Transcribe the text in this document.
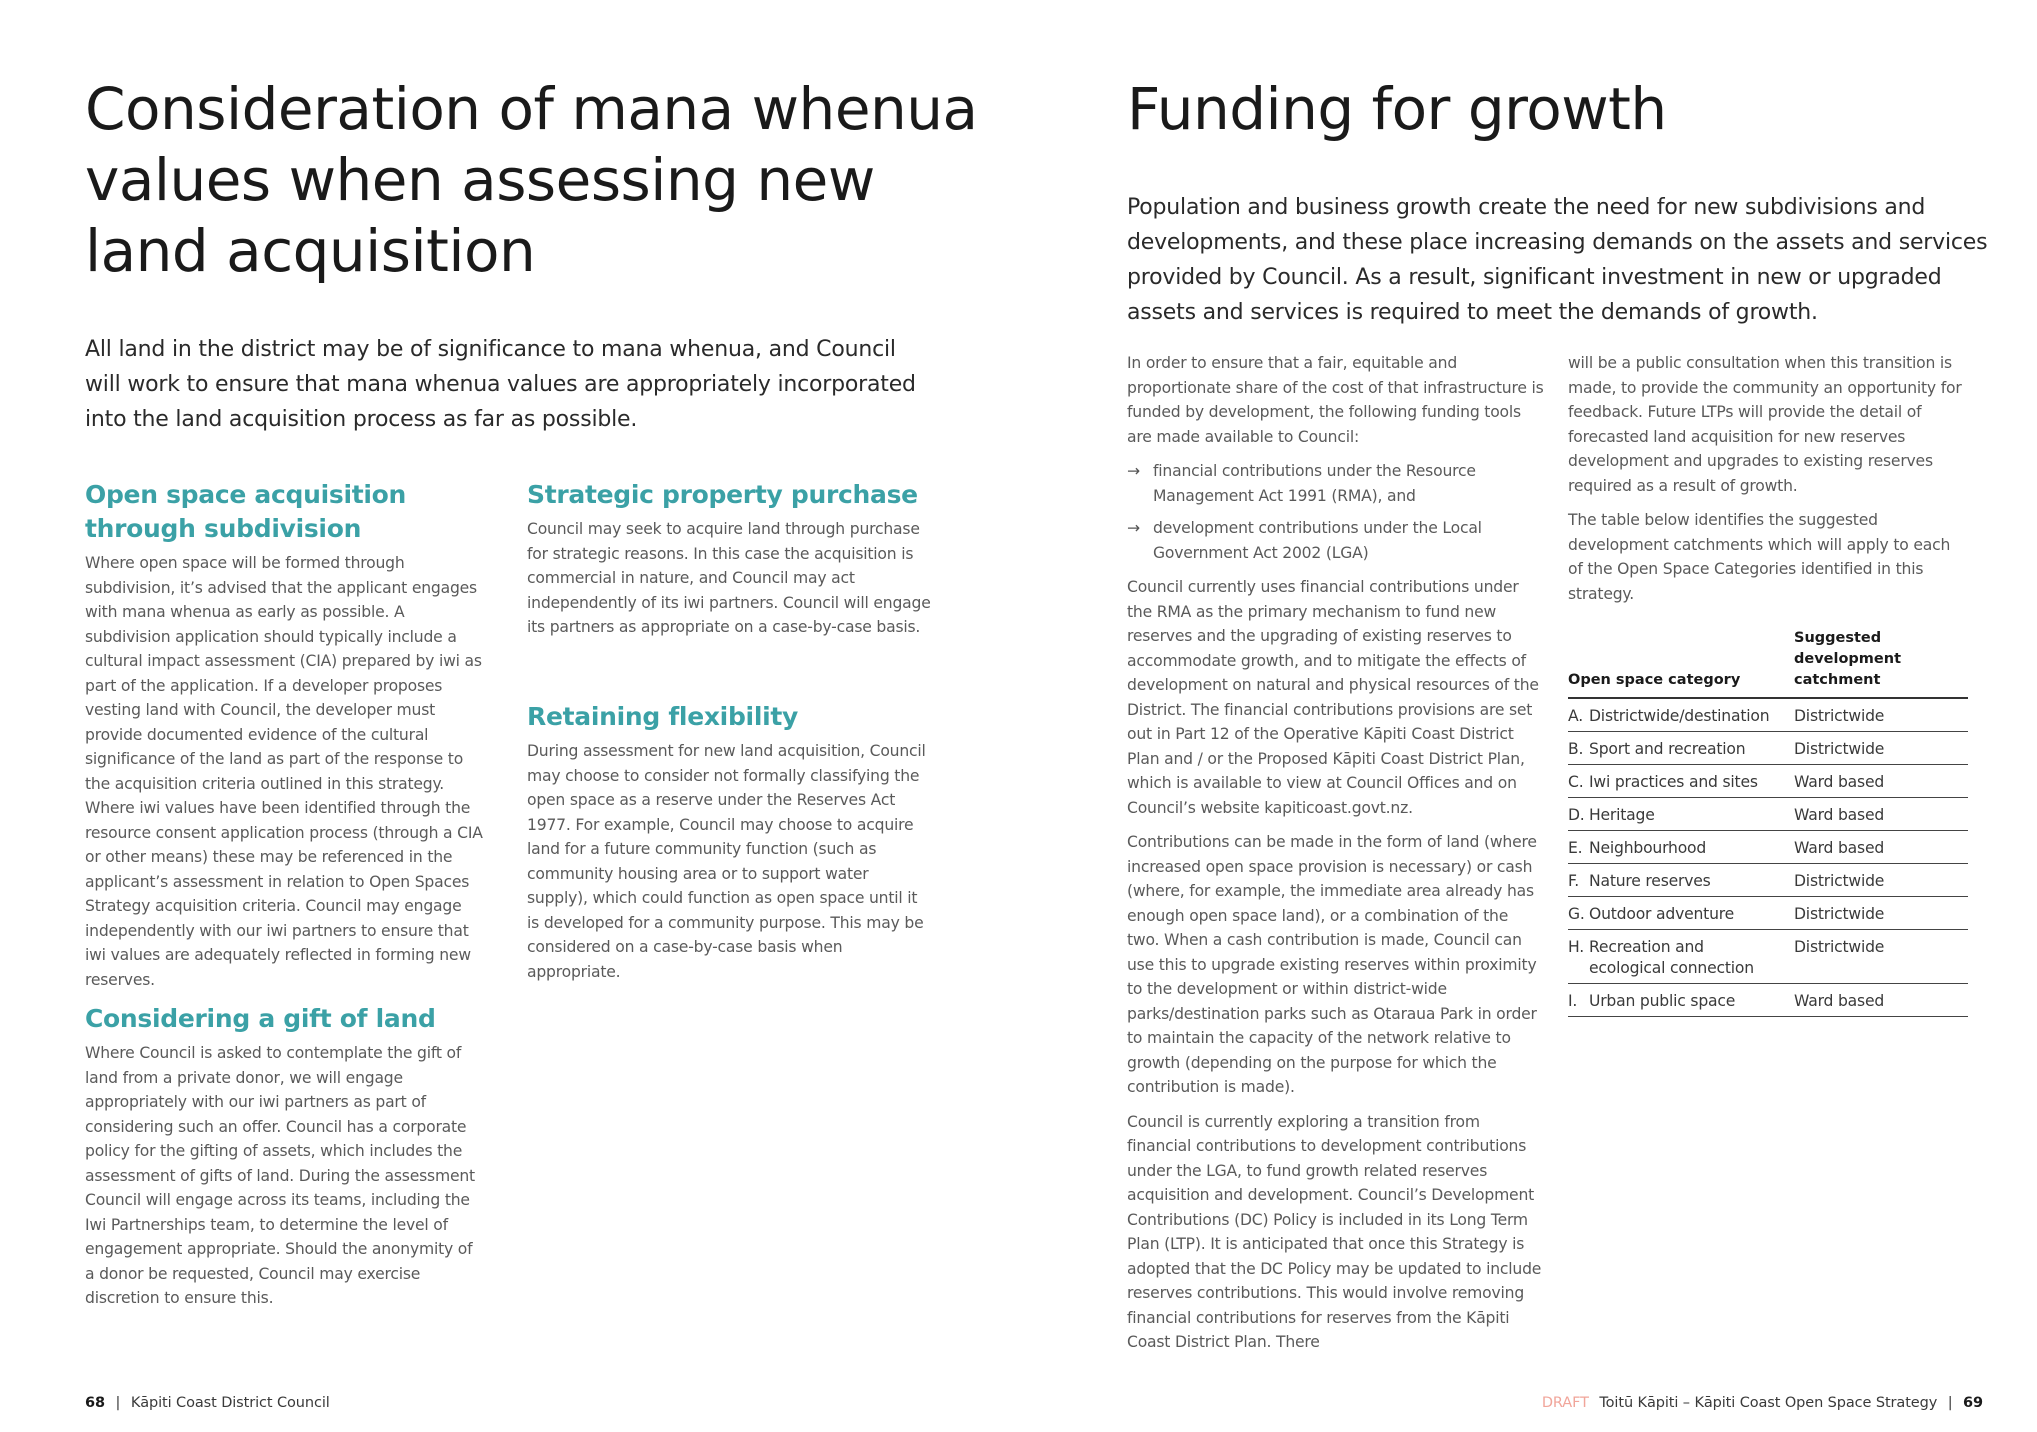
Consideration of mana whenua
values when assessing new
land acquisition

All land in the district may be of significance to mana whenua, and Council will work to ensure that mana whenua values are appropriately incorporated into the land acquisition process as far as possible.

Open space acquisition through subdivision

Where open space will be formed through subdivision, it’s advised that the applicant engages with mana whenua as early as possible. A subdivision application should typically include a cultural impact assessment (CIA) prepared by iwi as part of the application. If a developer proposes vesting land with Council, the developer must provide documented evidence of the cultural significance of the land as part of the response to the acquisition criteria outlined in this strategy. Where iwi values have been identified through the resource consent application process (through a CIA or other means) these may be referenced in the applicant’s assessment in relation to Open Spaces Strategy acquisition criteria. Council may engage independently with our iwi partners to ensure that iwi values are adequately reflected in forming new reserves.

Considering a gift of land

Where Council is asked to contemplate the gift of land from a private donor, we will engage appropriately with our iwi partners as part of considering such an offer. Council has a corporate policy for the gifting of assets, which includes the assessment of gifts of land. During the assessment Council will engage across its teams, including the Iwi Partnerships team, to determine the level of engagement appropriate. Should the anonymity of a donor be requested, Council may exercise discretion to ensure this.

Strategic property purchase

Council may seek to acquire land through purchase for strategic reasons. In this case the acquisition is commercial in nature, and Council may act independently of its iwi partners. Council will engage its partners as appropriate on a case-by-case basis.

Retaining flexibility

During assessment for new land acquisition, Council may choose to consider not formally classifying the open space as a reserve under the Reserves Act 1977. For example, Council may choose to acquire land for a future community function (such as community housing area or to support water supply), which could function as open space until it is developed for a community purpose. This may be considered on a case-by-case basis when appropriate.

68 | Kāpiti Coast District Council
Funding for growth

Population and business growth create the need for new subdivisions and developments, and these place increasing demands on the assets and services provided by Council. As a result, significant investment in new or upgraded assets and services is required to meet the demands of growth.

In order to ensure that a fair, equitable and proportionate share of the cost of that infrastructure is funded by development, the following funding tools are made available to Council:

→ financial contributions under the Resource Management Act 1991 (RMA), and
→ development contributions under the Local Government Act 2002 (LGA)

Council currently uses financial contributions under the RMA as the primary mechanism to fund new reserves and the upgrading of existing reserves to accommodate growth, and to mitigate the effects of development on natural and physical resources of the District. The financial contributions provisions are set out in Part 12 of the Operative Kāpiti Coast District Plan and / or the Proposed Kāpiti Coast District Plan, which is available to view at Council Offices and on Council’s website kapiticoast.govt.nz.

Contributions can be made in the form of land (where increased open space provision is necessary) or cash (where, for example, the immediate area already has enough open space land), or a combination of the two. When a cash contribution is made, Council can use this to upgrade existing reserves within proximity to the development or within district-wide parks/destination parks such as Otaraua Park in order to maintain the capacity of the network relative to growth (depending on the purpose for which the contribution is made).

Council is currently exploring a transition from financial contributions to development contributions under the LGA, to fund growth related reserves acquisition and development. Council’s Development Contributions (DC) Policy is included in its Long Term Plan (LTP). It is anticipated that once this Strategy is adopted that the DC Policy may be updated to include reserves contributions. This would involve removing financial contributions for reserves from the Kāpiti Coast District Plan. There

will be a public consultation when this transition is made, to provide the community an opportunity for feedback. Future LTPs will provide the detail of forecasted land acquisition for new reserves development and upgrades to existing reserves required as a result of growth.

The table below identifies the suggested development catchments which will apply to each of the Open Space Categories identified in this strategy.

Open space category	Suggested development catchment
A. Districtwide/destination	Districtwide
B. Sport and recreation	Districtwide
C. Iwi practices and sites	Ward based
D. Heritage	Ward based
E. Neighbourhood	Ward based
F. Nature reserves	Districtwide
G. Outdoor adventure	Districtwide
H. Recreation and ecological connection	Districtwide
I. Urban public space	Ward based
DRAFT Toitū Kāpiti – Kāpiti Coast Open Space Strategy | 69
